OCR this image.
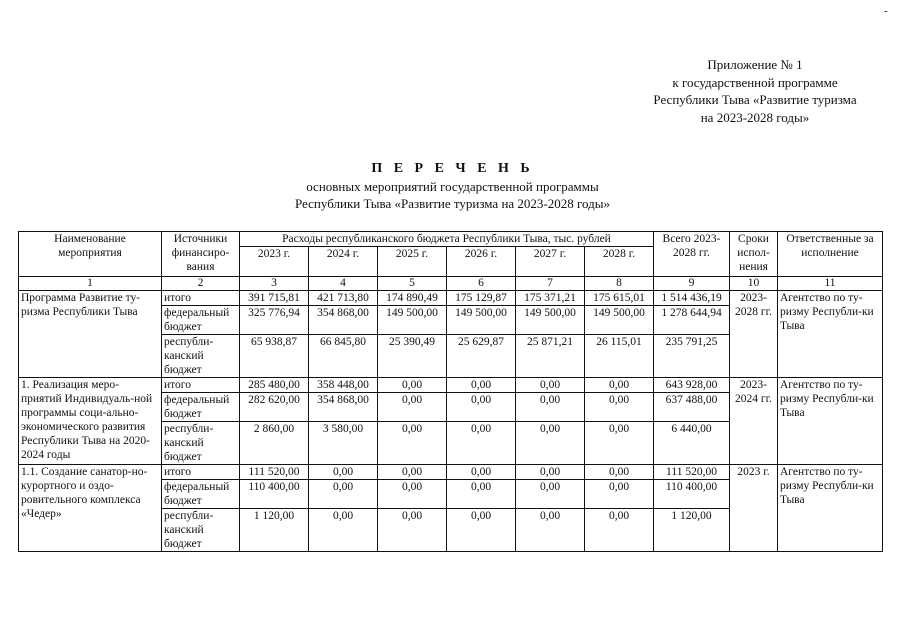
-
Приложение № 1
к государственной программе
Республики Тыва «Развитие туризма
на 2023-2028 годы»
П Е Р Е Ч Е Н Ь
основных мероприятий государственной программы
Республики Тыва «Развитие туризма на 2023-2028 годы»
Наименование мероприятия	Источники финансиро-вания	Расходы республиканского бюджета Республики Тыва, тыс. рублей						Всего 2023-2028 гг.	Сроки испол-нения	Ответственные за исполнение
		2023 г.	2024 г.	2025 г.	2026 г.	2027 г.	2028 г.			
1	2	3	4	5	6	7	8	9	10	11
Программа Развитие ту-ризма Республики Тыва	итого	391 715,81	421 713,80	174 890,49	175 129,87	175 371,21	175 615,01	1 514 436,19	2023-2028 гг.	Агентство по ту-ризму Республи-ки Тыва
	федеральный бюджет	325 776,94	354 868,00	149 500,00	149 500,00	149 500,00	149 500,00	1 278 644,94		
	республи-канский бюджет	65 938,87	66 845,80	25 390,49	25 629,87	25 871,21	26 115,01	235 791,25		
1. Реализация меро-приятий Индивидуаль-ной программы соци-ально-экономического развития Республики Тыва на 2020-2024 годы	итого	285 480,00	358 448,00	0,00	0,00	0,00	0,00	643 928,00	2023-2024 гг.	Агентство по ту-ризму Республи-ки Тыва
	федеральный бюджет	282 620,00	354 868,00	0,00	0,00	0,00	0,00	637 488,00		
	республи-канский бюджет	2 860,00	3 580,00	0,00	0,00	0,00	0,00	6 440,00		
1.1. Создание санатор-но-курортного и оздо-ровительного комплекса «Чедер»	итого	111 520,00	0,00	0,00	0,00	0,00	0,00	111 520,00	2023 г.	Агентство по ту-ризму Республи-ки Тыва
	федеральный бюджет	110 400,00	0,00	0,00	0,00	0,00	0,00	110 400,00		
	республи-канский бюджет	1 120,00	0,00	0,00	0,00	0,00	0,00	1 120,00		
